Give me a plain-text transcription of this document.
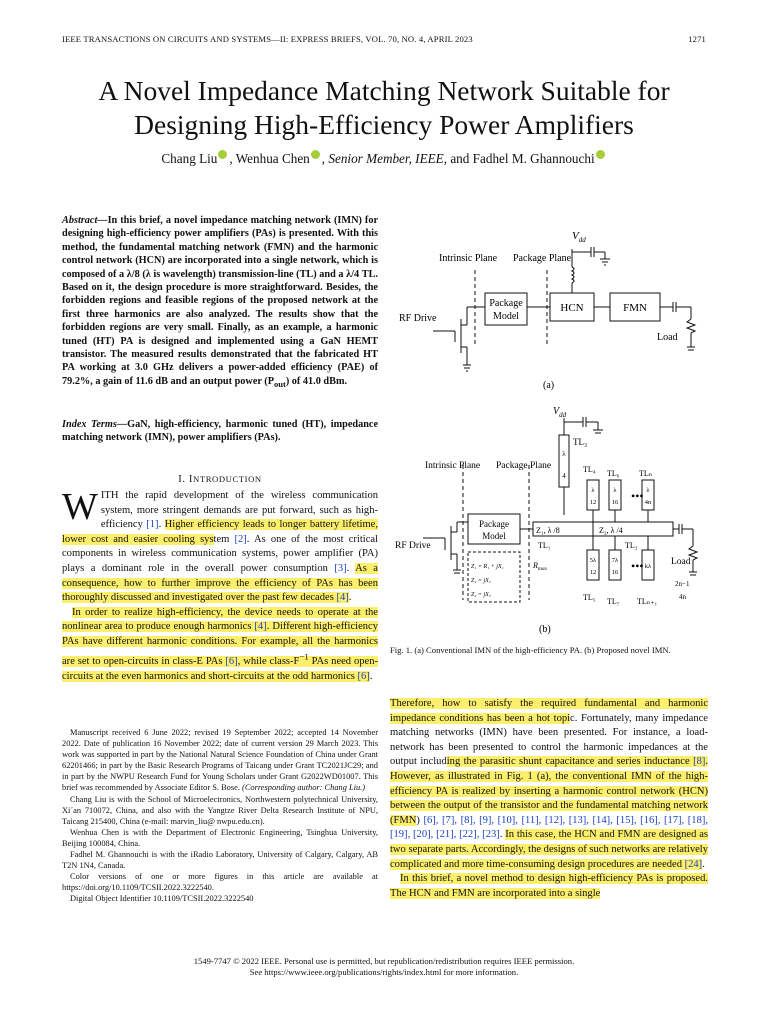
IEEE TRANSACTIONS ON CIRCUITS AND SYSTEMS—II: EXPRESS BRIEFS, VOL. 70, NO. 4, APRIL 2023	1271
A Novel Impedance Matching Network Suitable for
Designing High-Efficiency Power Amplifiers
Chang Liu , Wenhua Chen , Senior Member, IEEE, and Fadhel M. Ghannouchi
Abstract—In this brief, a novel impedance matching network (IMN) for designing high-efficiency power amplifiers (PAs) is presented. With this method, the fundamental matching network (FMN) and the harmonic control network (HCN) are incorporated into a single network, which is composed of a λ/8 (λ is wavelength) transmission-line (TL) and a λ/4 TL. Based on it, the design procedure is more straightforward. Besides, the forbidden regions and feasible regions of the proposed network at the first three harmonics are also analyzed. The results show that the forbidden regions are very small. Finally, as an example, a harmonic tuned (HT) PA is designed and implemented using a GaN HEMT transistor. The measured results demonstrated that the fabricated HT PA working at 3.0 GHz delivers a power-added efficiency (PAE) of 79.2%, a gain of 11.6 dB and an output power $(P_{out})$ of 41.0 dBm.
Index Terms—GaN, high-efficiency, harmonic tuned (HT), impedance matching network (IMN), power amplifiers (PAs).
I. INTRODUCTION
WITH the rapid development of the wireless communication system, more stringent demands are put forward, such as high-efficiency [1]. Higher efficiency leads to longer battery lifetime, lower cost and easier cooling system [2]. As one of the most critical components in wireless communication systems, power amplifier (PA) plays a dominant role in the overall power consumption [3]. As a consequence, how to further improve the efficiency of PAs has been thoroughly discussed and investigated over the past few decades [4].
In order to realize high-efficiency, the device needs to operate at the nonlinear area to produce enough harmonics [4]. Different high-efficiency PAs have different harmonic conditions. For example, all the harmonics are set to open-circuits in class-E PAs [6], while class-$F^{-1}$ PAs need open-circuits at the even harmonics and short-circuits at the odd harmonics [6].

Manuscript received 6 June 2022; revised 19 September 2022; accepted 14 November 2022. Date of publication 16 November 2022; date of current version 29 March 2023. This work was supported in part by the National Natural Science Foundation of China under Grant 62201466; in part by the Basic Research Programs of Taicang under Grant TC2021JC29; and in part by the NWPU Research Fund for Young Scholars under Grant G2022WD01007. This brief was recommended by Associate Editor S. Bose. (Corresponding author: Chang Liu.)

Chang Liu is with the School of Microelectronics, Northwestern polytechnical University, Xi´an 710072, China, and also with the Yangtze River Delta Research Institute of NPU, Taicang 215400, China (e-mail: marvin_liu@ nwpu.edu.cn).

Wenhua Chen is with the Department of Electronic Engineering, Tsinghua University, Beijing 100084, China.

Fadhel M. Ghannouchi is with the iRadio Laboratory, University of Calgary, Calgary, AB T2N 1N4, Canada.

Color versions of one or more figures in this article are available at https://doi.org/10.1109/TCSII.2022.3222540.

Digital Object Identifier 10.1109/TCSII.2022.3222540

$V_{dd}$
Intrinsic Plane Package Plane
Package
Model
HCN	FMN
RF Drive
Load
(a)
$V_{dd}$
TL₃
λ
4
Intrinsic Plane Package Plane	TL₄ TL₆ TLₙ
λ
12
λ
16
λ
4n
•••
•••
Package
Model
Z₁, λ /8	Z₂, λ /4
TL₁	TL₂
RF Drive
Load
Z₁ = R₁ + jX₁
Z₂ = jX₂
Z₃ = jX₃
$R_{max}$
5λ
12
7λ
16
kλ
2n−1
4n
TL₅ TL₇ TLₙ₊₁
(b)
Fig. 1. (a) Conventional IMN of the high-efficiency PA. (b) Proposed novel IMN.
Therefore, how to satisfy the required fundamental and harmonic impedance conditions has been a hot topic. Fortunately, many impedance matching networks (IMN) have been presented. For instance, a load-network has been presented to control the harmonic impedances at the output including the parasitic shunt capacitance and series inductance [8]. However, as illustrated in Fig. 1 (a), the conventional IMN of the high-efficiency PA is realized by inserting a harmonic control network (HCN) between the output of the transistor and the fundamental matching network (FMN) [6], [7], [8], [9], [10], [11], [12], [13], [14], [15], [16], [17], [18], [19], [20], [21], [22], [23]. In this case, the HCN and FMN are designed as two separate parts. Accordingly, the designs of such networks are relatively complicated and more time-consuming design procedures are needed [24].
In this brief, a novel method to design high-efficiency PAs is proposed. The HCN and FMN are incorporated into a single
1549-7747 © 2022 IEEE. Personal use is permitted, but republication/redistribution requires IEEE permission.
See https://www.ieee.org/publications/rights/index.html for more information.
